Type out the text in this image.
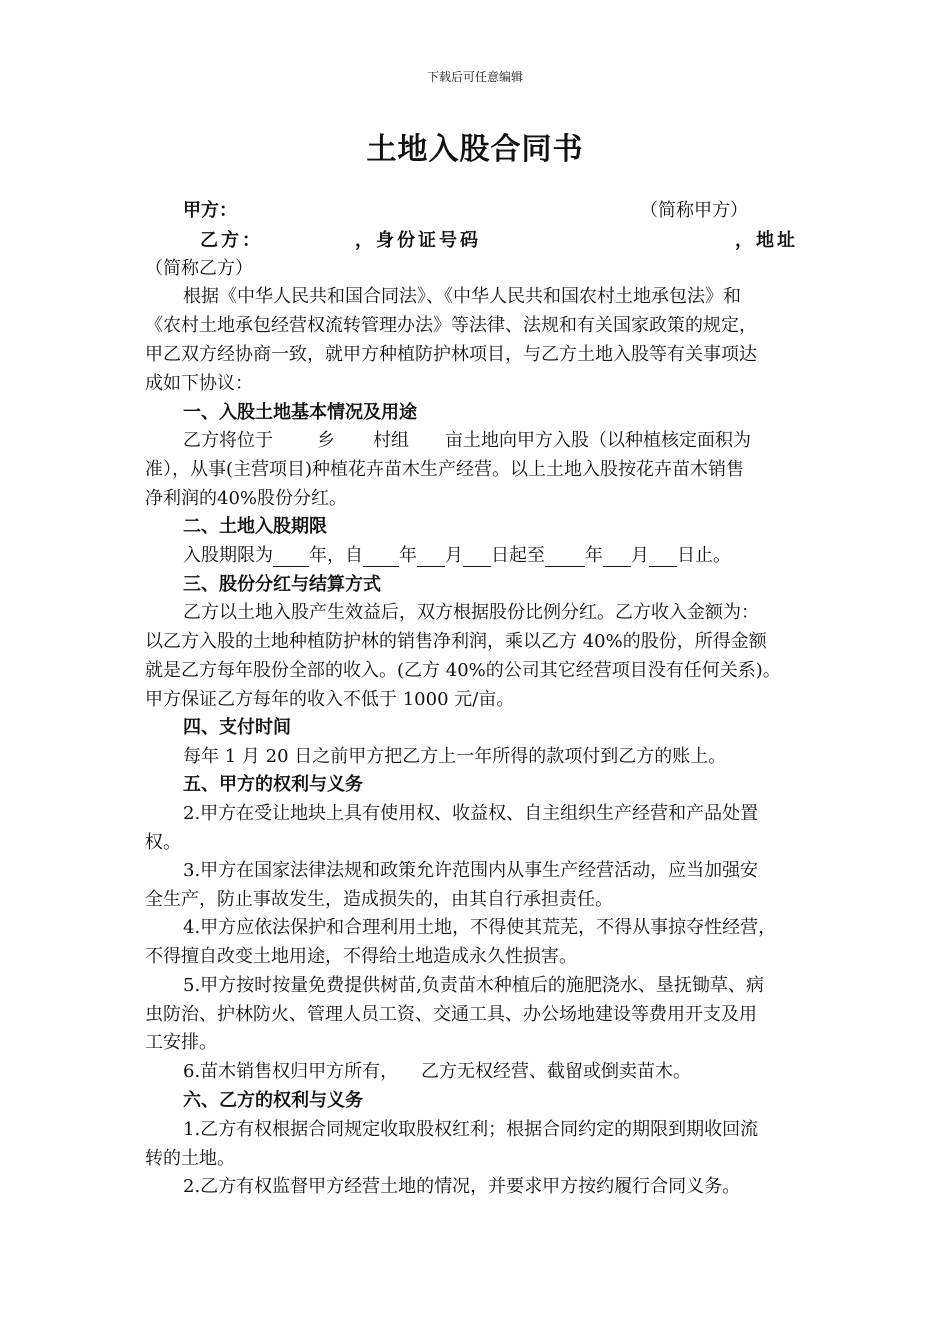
下载后可任意编辑
土地入股合同书
甲方：	（简称甲方）
乙方：	，身份证号码	，地址
（简称乙方）
根据《中华人民共和国合同法》、《中华人民共和国农村土地承包法》和
《农村土地承包经营权流转管理办法》等法律、法规和有关国家政策的规定，
甲乙双方经协商一致，就甲方种植防护林项目，与乙方土地入股等有关事项达
成如下协议：
一、入股土地基本情况及用途
乙方将位于 乡 村组 亩土地向甲方入股（以种植核定面积为
准），从事(主营项目)种植花卉苗木生产经营。以上土地入股按花卉苗木销售
净利润的40%股份分红。
二、土地入股期限
入股期限为 年，自 年 月 日起至 年 月 日止。
三、股份分红与结算方式
乙方以土地入股产生效益后，双方根据股份比例分红。乙方收入金额为：
以乙方入股的土地种植防护林的销售净利润，乘以乙方 40%的股份，所得金额
就是乙方每年股份全部的收入。(乙方 40%的公司其它经营项目没有任何关系)。
甲方保证乙方每年的收入不低于 1000 元/亩。
四、支付时间
每年 1 月 20 日之前甲方把乙方上一年所得的款项付到乙方的账上。
五、甲方的权利与义务
2.甲方在受让地块上具有使用权、收益权、自主组织生产经营和产品处置
权。
3.甲方在国家法律法规和政策允许范围内从事生产经营活动，应当加强安
全生产，防止事故发生，造成损失的，由其自行承担责任。
4.甲方应依法保护和合理利用土地，不得使其荒芜，不得从事掠夺性经营，
不得擅自改变土地用途，不得给土地造成永久性损害。
5.甲方按时按量免费提供树苗,负责苗木种植后的施肥浇水、垦抚锄草、病
虫防治、护林防火、管理人员工资、交通工具、办公场地建设等费用开支及用
工安排。
6.苗木销售权归甲方所有，    乙方无权经营、截留或倒卖苗木。
六、乙方的权利与义务
1.乙方有权根据合同规定收取股权红利；根据合同约定的期限到期收回流
转的土地。
2.乙方有权监督甲方经营土地的情况，并要求甲方按约履行合同义务。
